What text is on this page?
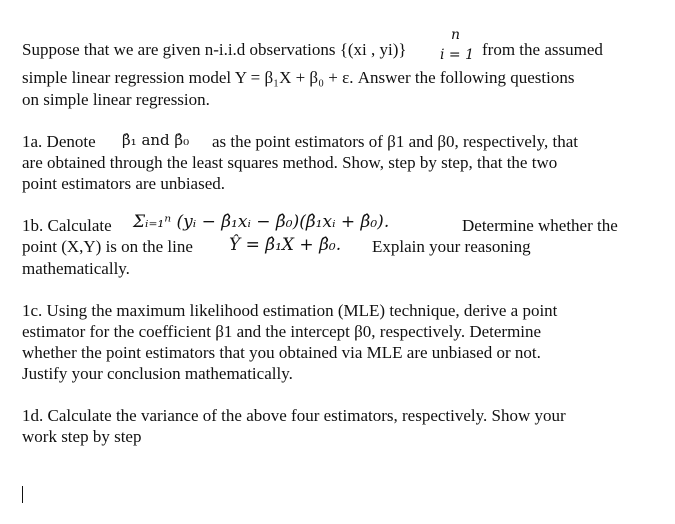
Suppose that we are given n-i.i.d observations {(xi , yi)}
n
i = 1 from the assumed
simple linear regression model Y = β₁X + β₀ + ε. Answer the following questions
on simple linear regression.
1a. Denote β̂₁ and β̂₀ as the point estimators of β1 and β0, respectively, that
are obtained through the least squares method. Show, step by step, that the two
point estimators are unbiased.
1b. Calculate Σᵢ₌₁ⁿ (yᵢ − β̂₁xᵢ − β̂₀)(β̂₁xᵢ + β̂₀).	Determine whether the
point (X,Y) is on the line Ŷ = β̂₁X + β̂₀. Explain your reasoning
mathematically.
1c. Using the maximum likelihood estimation (MLE) technique, derive a point
estimator for the coefficient β1 and the intercept β0, respectively. Determine
whether the point estimators that you obtained via MLE are unbiased or not.
Justify your conclusion mathematically.
1d. Calculate the variance of the above four estimators, respectively. Show your
work step by step
